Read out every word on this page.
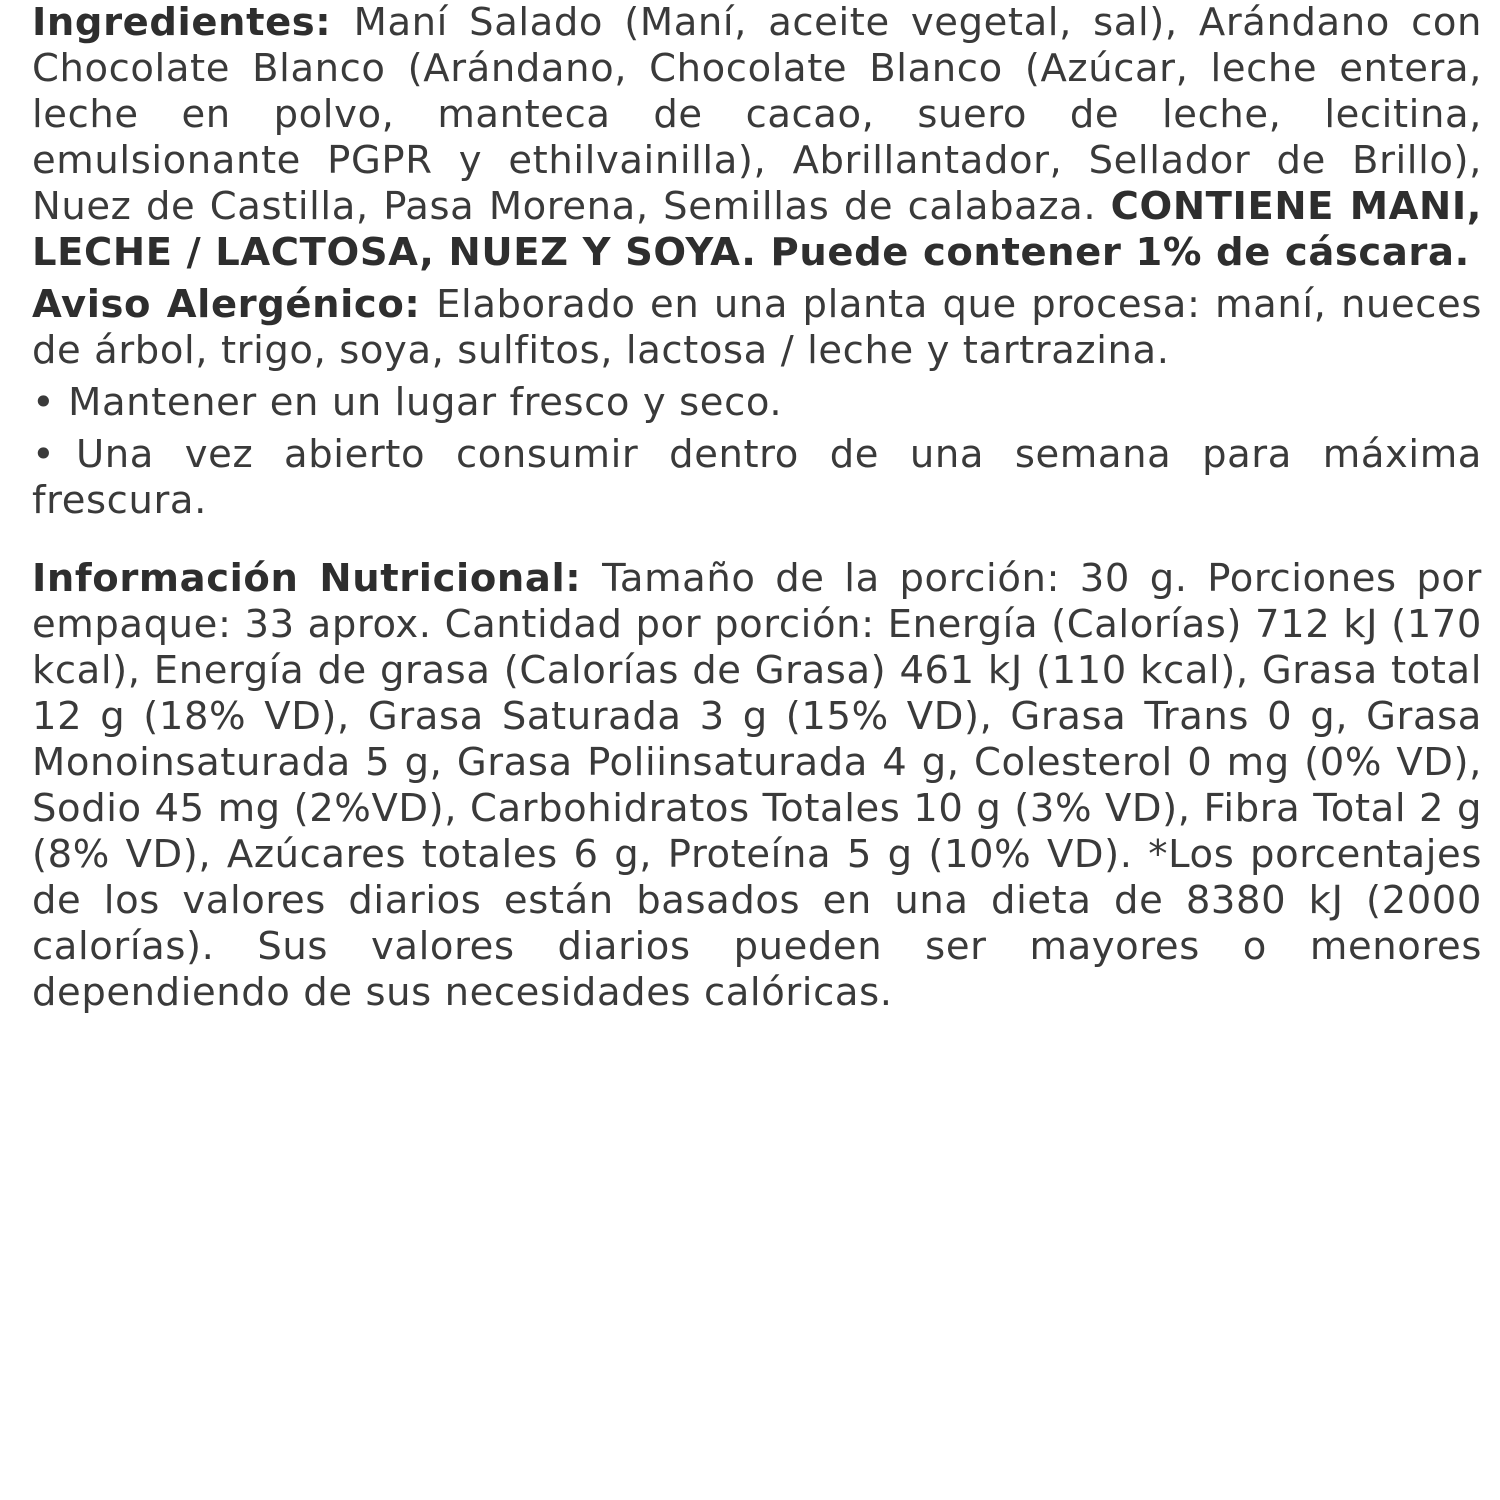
Ingredientes: Maní Salado (Maní, aceite vegetal, sal), Arándano con Chocolate Blanco (Arándano, Chocolate Blanco (Azúcar, leche entera, leche en polvo, manteca de cacao, suero de leche, lecitina, emulsionante PGPR y ethilvainilla), Abrillantador, Sellador de Brillo), Nuez de Castilla, Pasa Morena, Semillas de calabaza. CONTIENE MANI, LECHE / LACTOSA, NUEZ Y SOYA. Puede contener 1% de cáscara.

Aviso Alergénico: Elaborado en una planta que procesa: maní, nueces de árbol, trigo, soya, sulfitos, lactosa / leche y tartrazina.

• Mantener en un lugar fresco y seco.

• Una vez abierto consumir dentro de una semana para máxima frescura.

Información Nutricional: Tamaño de la porción: 30 g. Porciones por empaque: 33 aprox. Cantidad por porción: Energía (Calorías) 712 kJ (170 kcal), Energía de grasa (Calorías de Grasa) 461 kJ (110 kcal), Grasa total 12 g (18% VD), Grasa Saturada 3 g (15% VD), Grasa Trans 0 g, Grasa Monoinsaturada 5 g, Grasa Poliinsaturada 4 g, Colesterol 0 mg (0% VD), Sodio 45 mg (2%VD), Carbohidratos Totales 10 g (3% VD), Fibra Total 2 g (8% VD), Azúcares totales 6 g, Proteína 5 g (10% VD). *Los porcentajes de los valores diarios están basados en una dieta de 8380 kJ (2000 calorías). Sus valores diarios pueden ser mayores o menores dependiendo de sus necesidades calóricas.
